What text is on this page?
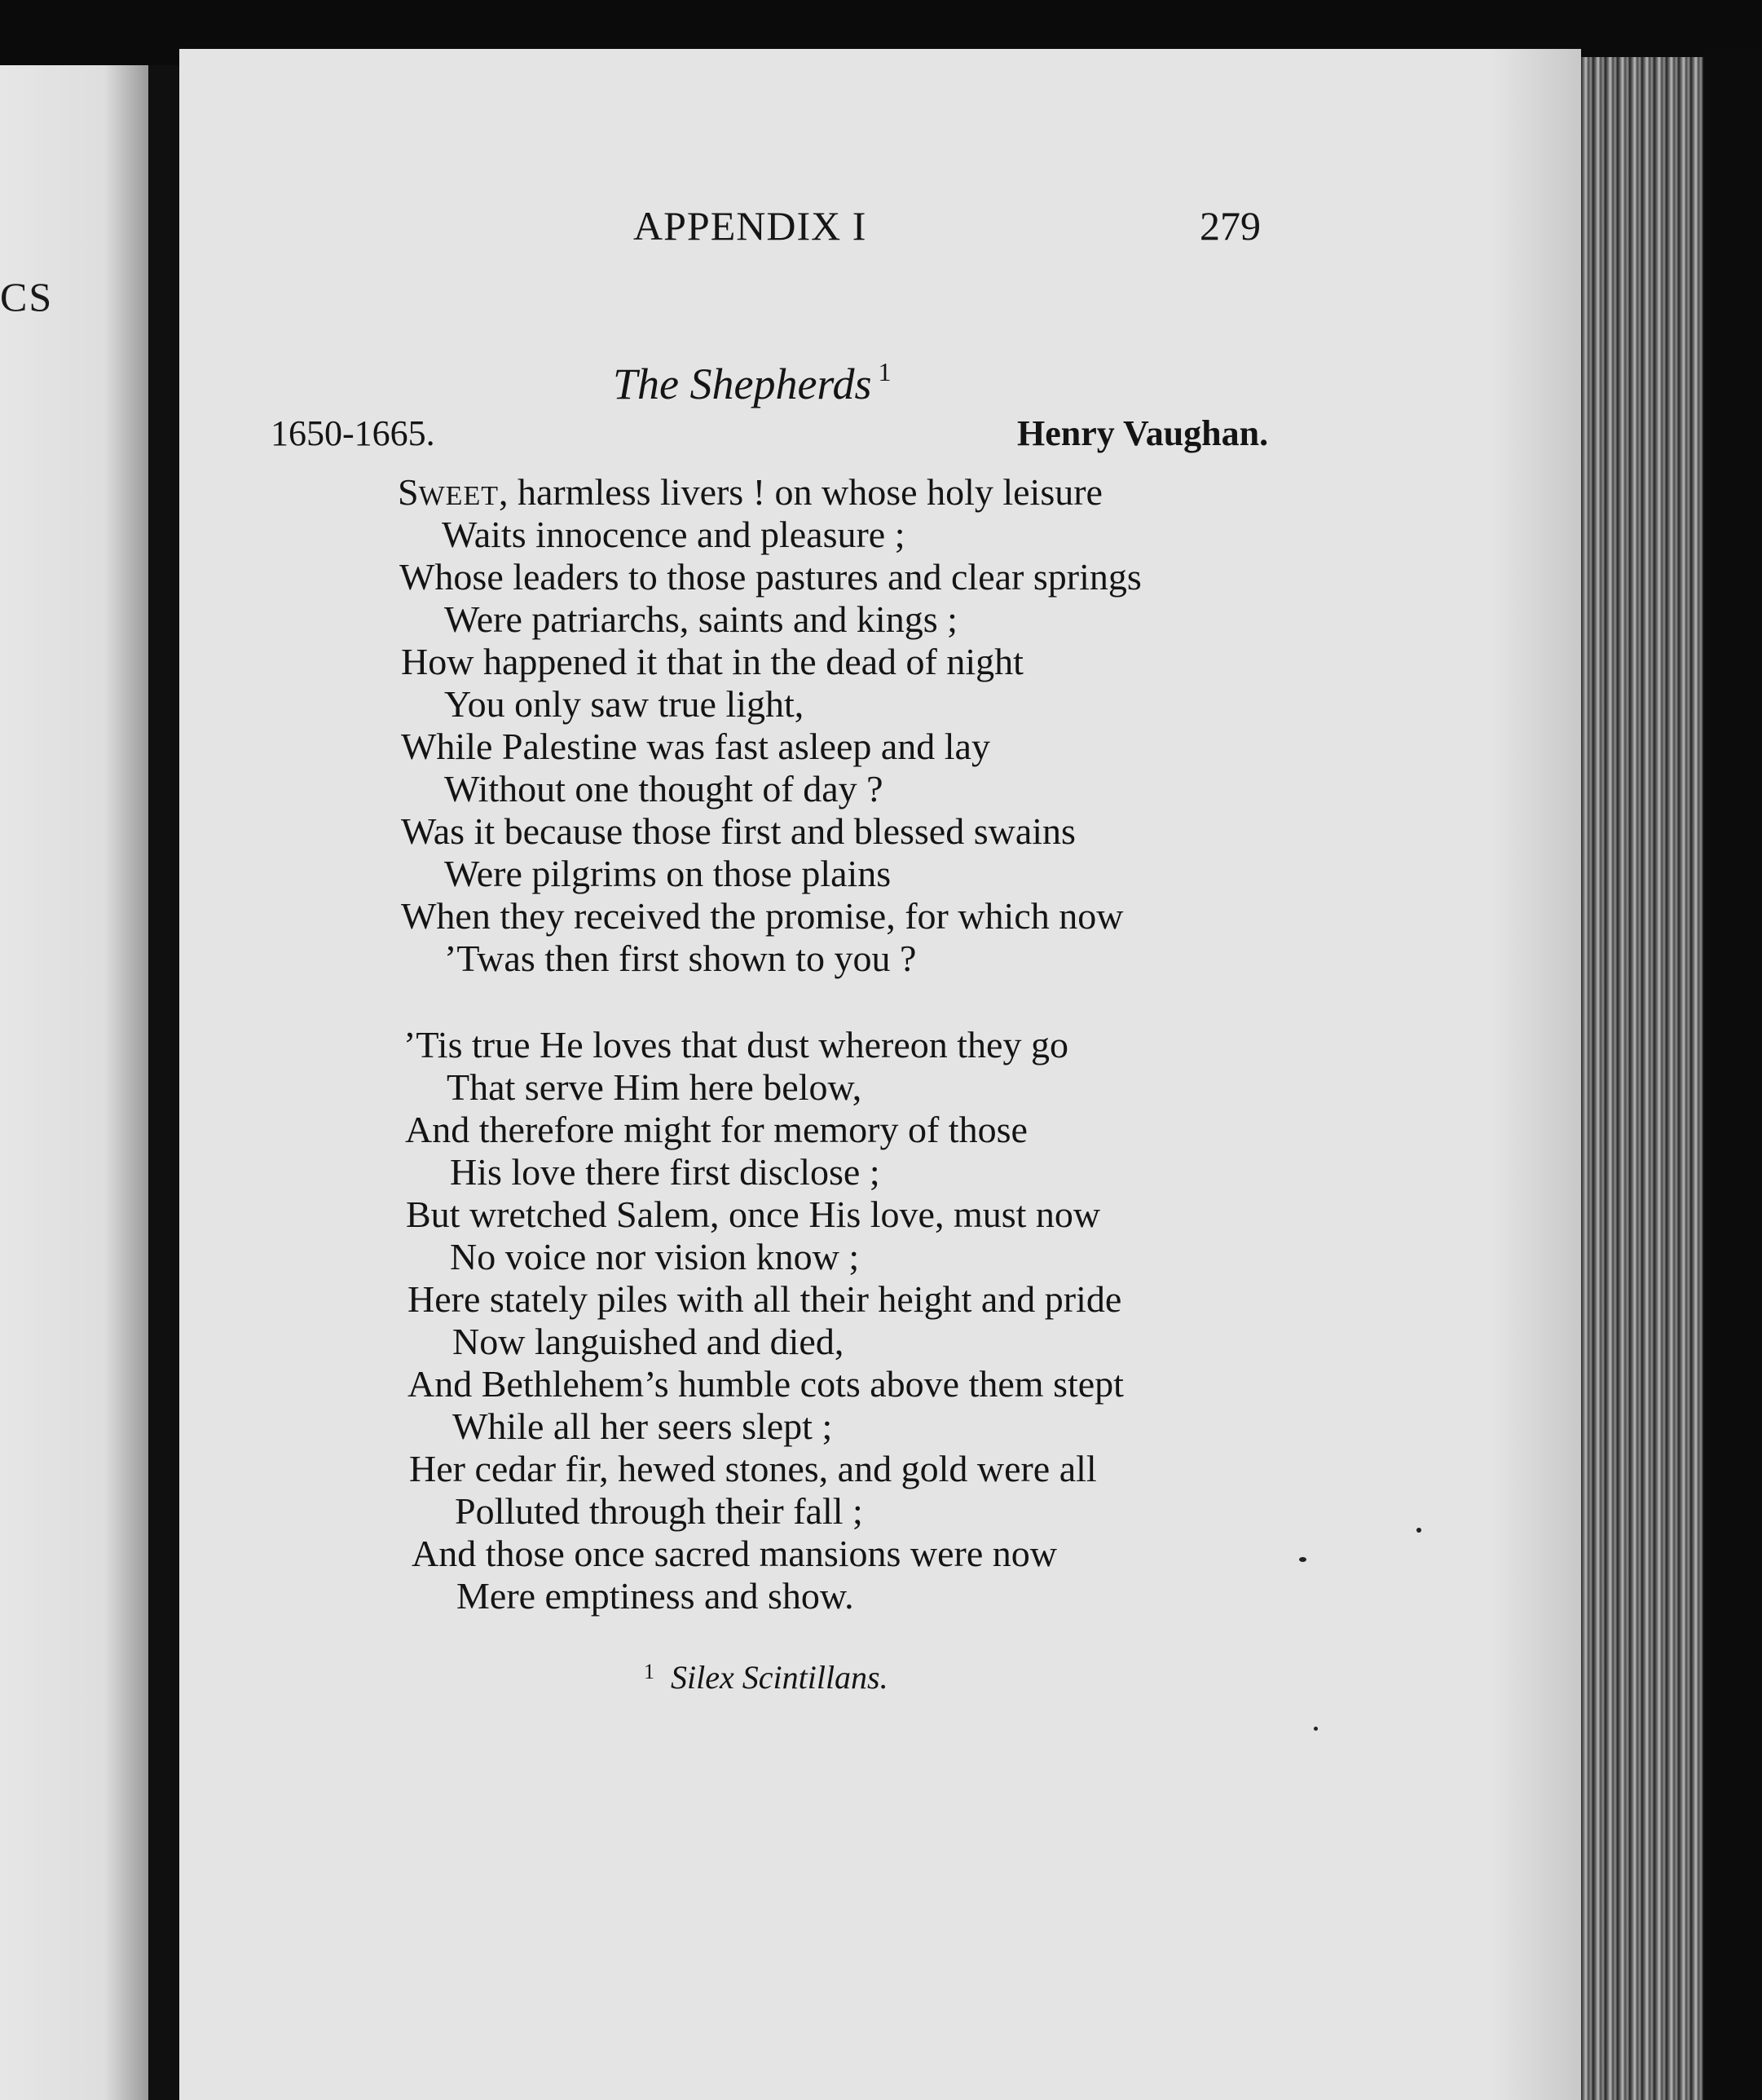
CS
APPENDIX I	279
The Shepherds $^1$
1650-1665.	Henry Vaughan.
SWEET, harmless livers ! on whose holy leisure
Waits innocence and pleasure ;
Whose leaders to those pastures and clear springs
Were patriarchs, saints and kings ;
How happened it that in the dead of night
You only saw true light,
While Palestine was fast asleep and lay
Without one thought of day ?
Was it because those first and blessed swains
Were pilgrims on those plains
When they received the promise, for which now
’Twas then first shown to you ?
’Tis true He loves that dust whereon they go
That serve Him here below,
And therefore might for memory of those
His love there first disclose ;
But wretched Salem, once His love, must now
No voice nor vision know ;
Here stately piles with all their height and pride
Now languished and died,
And Bethlehem’s humble cots above them stept
While all her seers slept ;
Her cedar fir, hewed stones, and gold were all
Polluted through their fall ;
And those once sacred mansions were now
Mere emptiness and show.
$^1$ Silex Scintillans.
